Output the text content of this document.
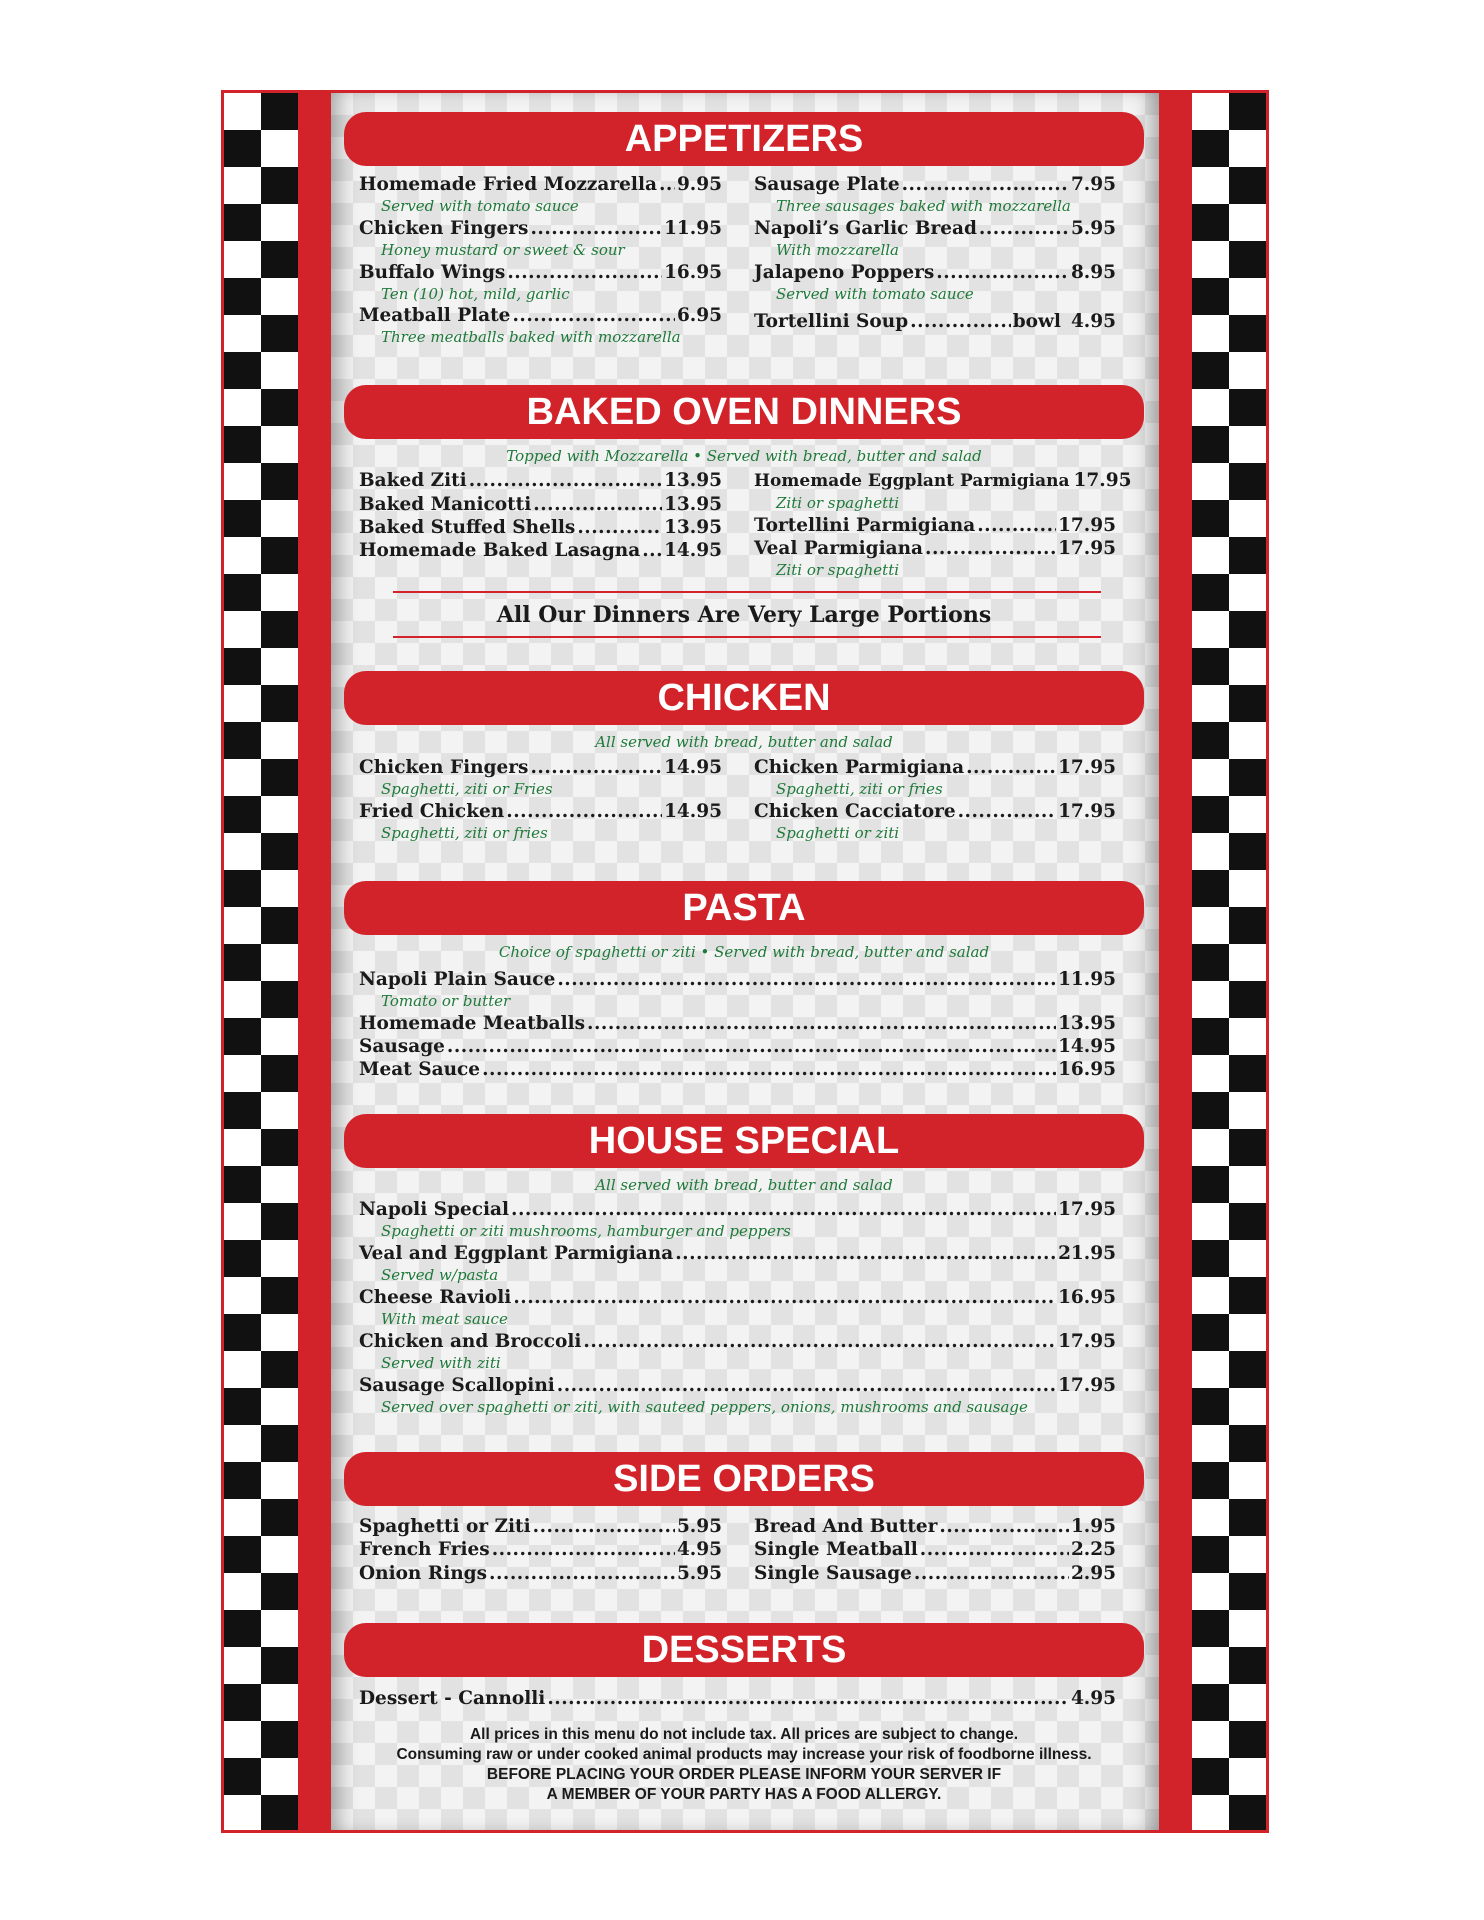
APPETIZERS
Homemade Fried Mozzarella ..... 9.95
Served with tomato sauce
Chicken Fingers .....	11.95
Honey mustard or sweet & sour
Buffalo Wings .....	16.95
Ten (10) hot, mild, garlic
Meatball Plate .....	6.95
Three meatballs baked with mozzarella
Sausage Plate .....	7.95
Three sausages baked with mozzarella
Napoli’s Garlic Bread .....	5.95
With mozzarella
Jalapeno Poppers .....	8.95
Served with tomato sauce
Tortellini Soup .....	bowl 4.95
BAKED OVEN DINNERS
Topped with Mozzarella • Served with bread, butter and salad
Baked Ziti .....	13.95
Baked Manicotti .....	13.95
Baked Stuffed Shells .....	13.95
Homemade Baked Lasagna ..... 14.95
Homemade Eggplant Parmigiana 17.95
Ziti or spaghetti
Tortellini Parmigiana .....	17.95
Veal Parmigiana .....	17.95
Ziti or spaghetti
All Our Dinners Are Very Large Portions
CHICKEN
All served with bread, butter and salad
Chicken Fingers .....	14.95
Spaghetti, ziti or Fries
Fried Chicken .....	14.95
Spaghetti, ziti or fries
Chicken Parmigiana .....	17.95
Spaghetti, ziti or fries
Chicken Cacciatore .....	17.95
Spaghetti or ziti
PASTA
Choice of spaghetti or ziti • Served with bread, butter and salad
Napoli Plain Sauce .....	11.95
Tomato or butter
Homemade Meatballs .....	13.95
Sausage .....	14.95
Meat Sauce .....	16.95
HOUSE SPECIAL
All served with bread, butter and salad
Napoli Special .....	17.95
Spaghetti or ziti mushrooms, hamburger and peppers
Veal and Eggplant Parmigiana .....	21.95
Served w/pasta
Cheese Ravioli .....	16.95
With meat sauce
Chicken and Broccoli .....	17.95
Served with ziti
Sausage Scallopini .....	17.95
Served over spaghetti or ziti, with sauteed peppers, onions, mushrooms and sausage
SIDE ORDERS
Spaghetti or Ziti .....	5.95
French Fries .....	4.95
Onion Rings .....	5.95
Bread And Butter .....	1.95
Single Meatball .....	2.25
Single Sausage .....	2.95
DESSERTS
Dessert - Cannolli .....	4.95
All prices in this menu do not include tax. All prices are subject to change.
Consuming raw or under cooked animal products may increase your risk of foodborne illness.
BEFORE PLACING YOUR ORDER PLEASE INFORM YOUR SERVER IF
A MEMBER OF YOUR PARTY HAS A FOOD ALLERGY.
